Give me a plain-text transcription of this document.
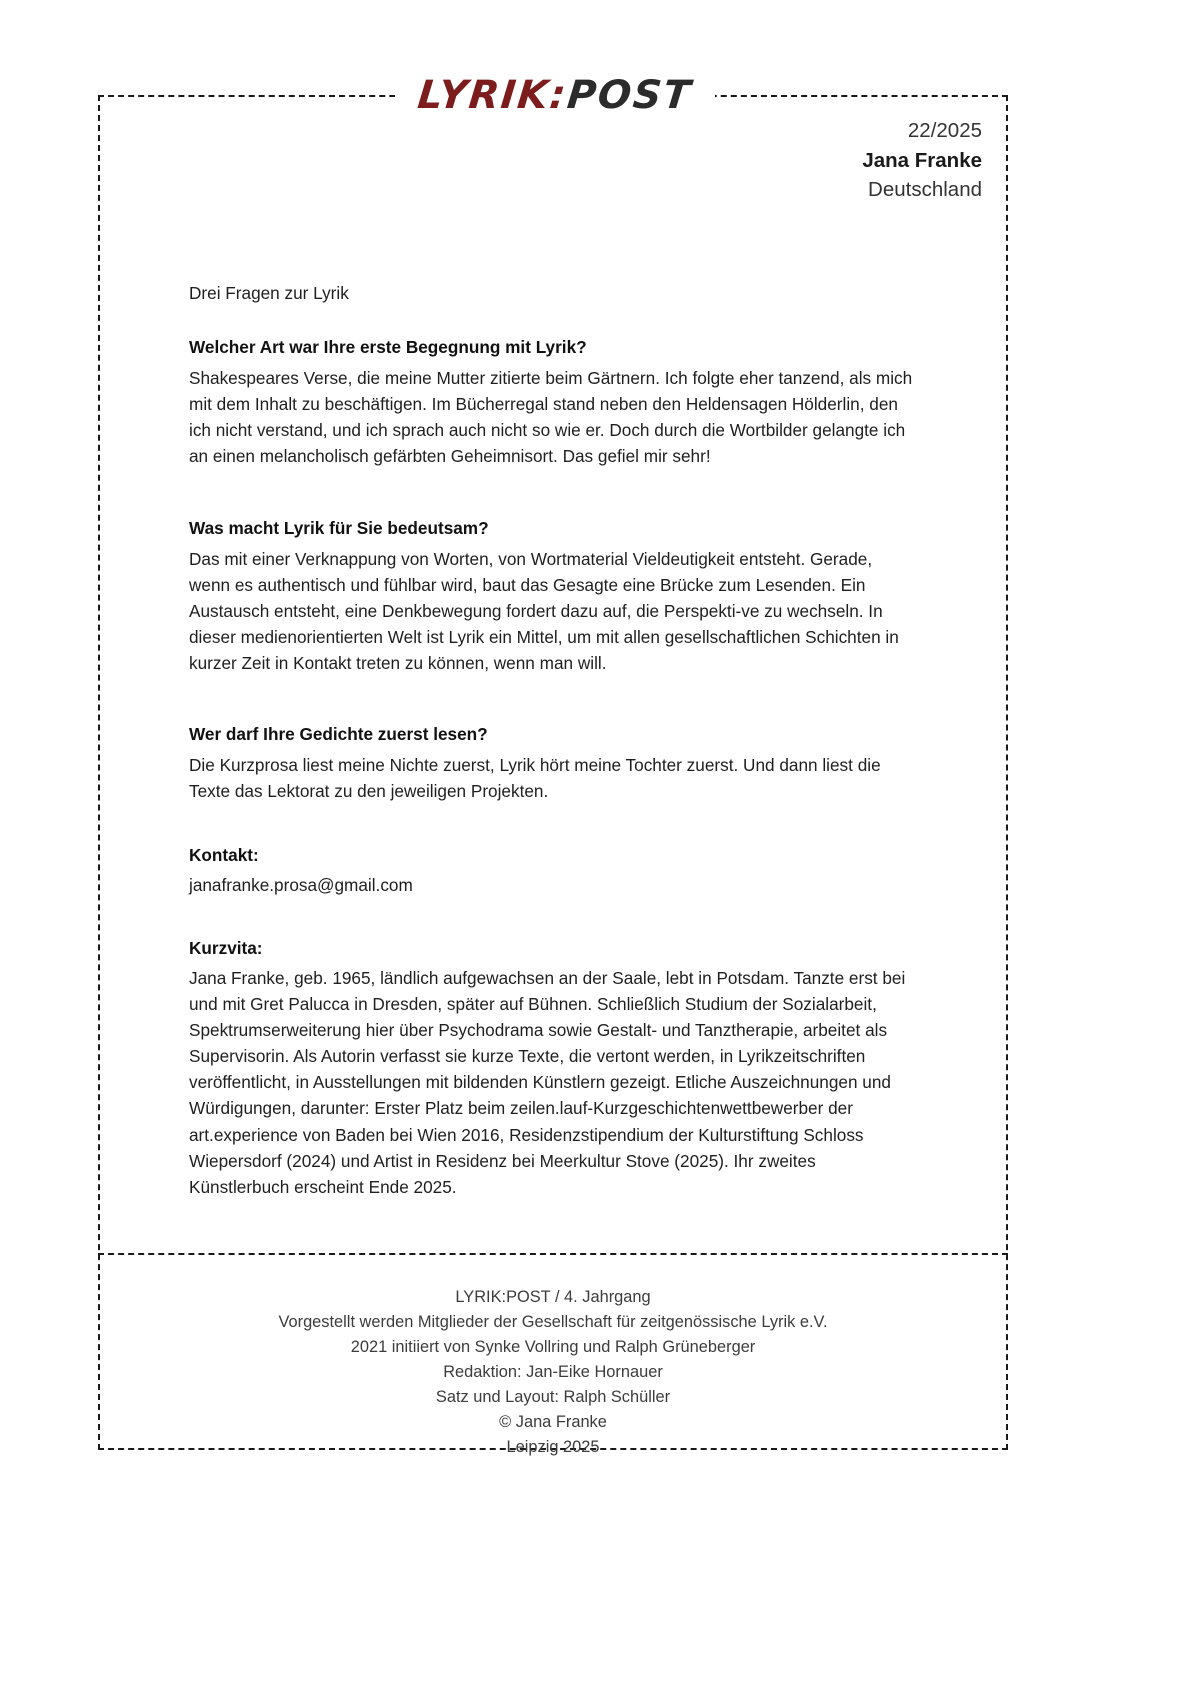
LYRIK:POST
22/2025
Jana Franke
Deutschland
Drei Fragen zur Lyrik
Welcher Art war Ihre erste Begegnung mit Lyrik?
Shakespeares Verse, die meine Mutter zitierte beim Gärtnern. Ich folgte eher tanzend, als mich mit dem Inhalt zu beschäftigen. Im Bücherregal stand neben den Heldensagen Hölderlin, den ich nicht verstand, und ich sprach auch nicht so wie er. Doch durch die Wortbilder gelangte ich an einen melancholisch gefärbten Geheimnisort. Das gefiel mir sehr!
Was macht Lyrik für Sie bedeutsam?
Das mit einer Verknappung von Worten, von Wortmaterial Vieldeutigkeit entsteht. Gerade, wenn es authentisch und fühlbar wird, baut das Gesagte eine Brücke zum Lesenden. Ein Austausch entsteht, eine Denkbewegung fordert dazu auf, die Perspekti-ve zu wechseln. In dieser medienorientierten Welt ist Lyrik ein Mittel, um mit allen gesellschaftlichen Schichten in kurzer Zeit in Kontakt treten zu können, wenn man will.
Wer darf Ihre Gedichte zuerst lesen?
Die Kurzprosa liest meine Nichte zuerst, Lyrik hört meine Tochter zuerst. Und dann liest die Texte das Lektorat zu den jeweiligen Projekten.
Kontakt:
janafranke.prosa@gmail.com
Kurzvita:
Jana Franke, geb. 1965, ländlich aufgewachsen an der Saale, lebt in Potsdam. Tanzte erst bei und mit Gret Palucca in Dresden, später auf Bühnen. Schließlich Studium der Sozialarbeit, Spektrumserweiterung hier über Psychodrama sowie Gestalt- und Tanztherapie, arbeitet als Supervisorin. Als Autorin verfasst sie kurze Texte, die vertont werden, in Lyrikzeitschriften veröffentlicht, in Ausstellungen mit bildenden Künstlern gezeigt. Etliche Auszeichnungen und Würdigungen, darunter: Erster Platz beim zeilen.lauf-Kurzgeschichtenwettbewerber der art.experience von Baden bei Wien 2016, Residenzstipendium der Kulturstiftung Schloss Wiepersdorf (2024) und Artist in Residenz bei Meerkultur Stove (2025). Ihr zweites Künstlerbuch erscheint Ende 2025.
LYRIK:POST / 4. Jahrgang
Vorgestellt werden Mitglieder der Gesellschaft für zeitgenössische Lyrik e.V.
2021 initiiert von Synke Vollring und Ralph Grüneberger
Redaktion: Jan-Eike Hornauer
Satz und Layout: Ralph Schüller
© Jana Franke
Leipzig 2025
